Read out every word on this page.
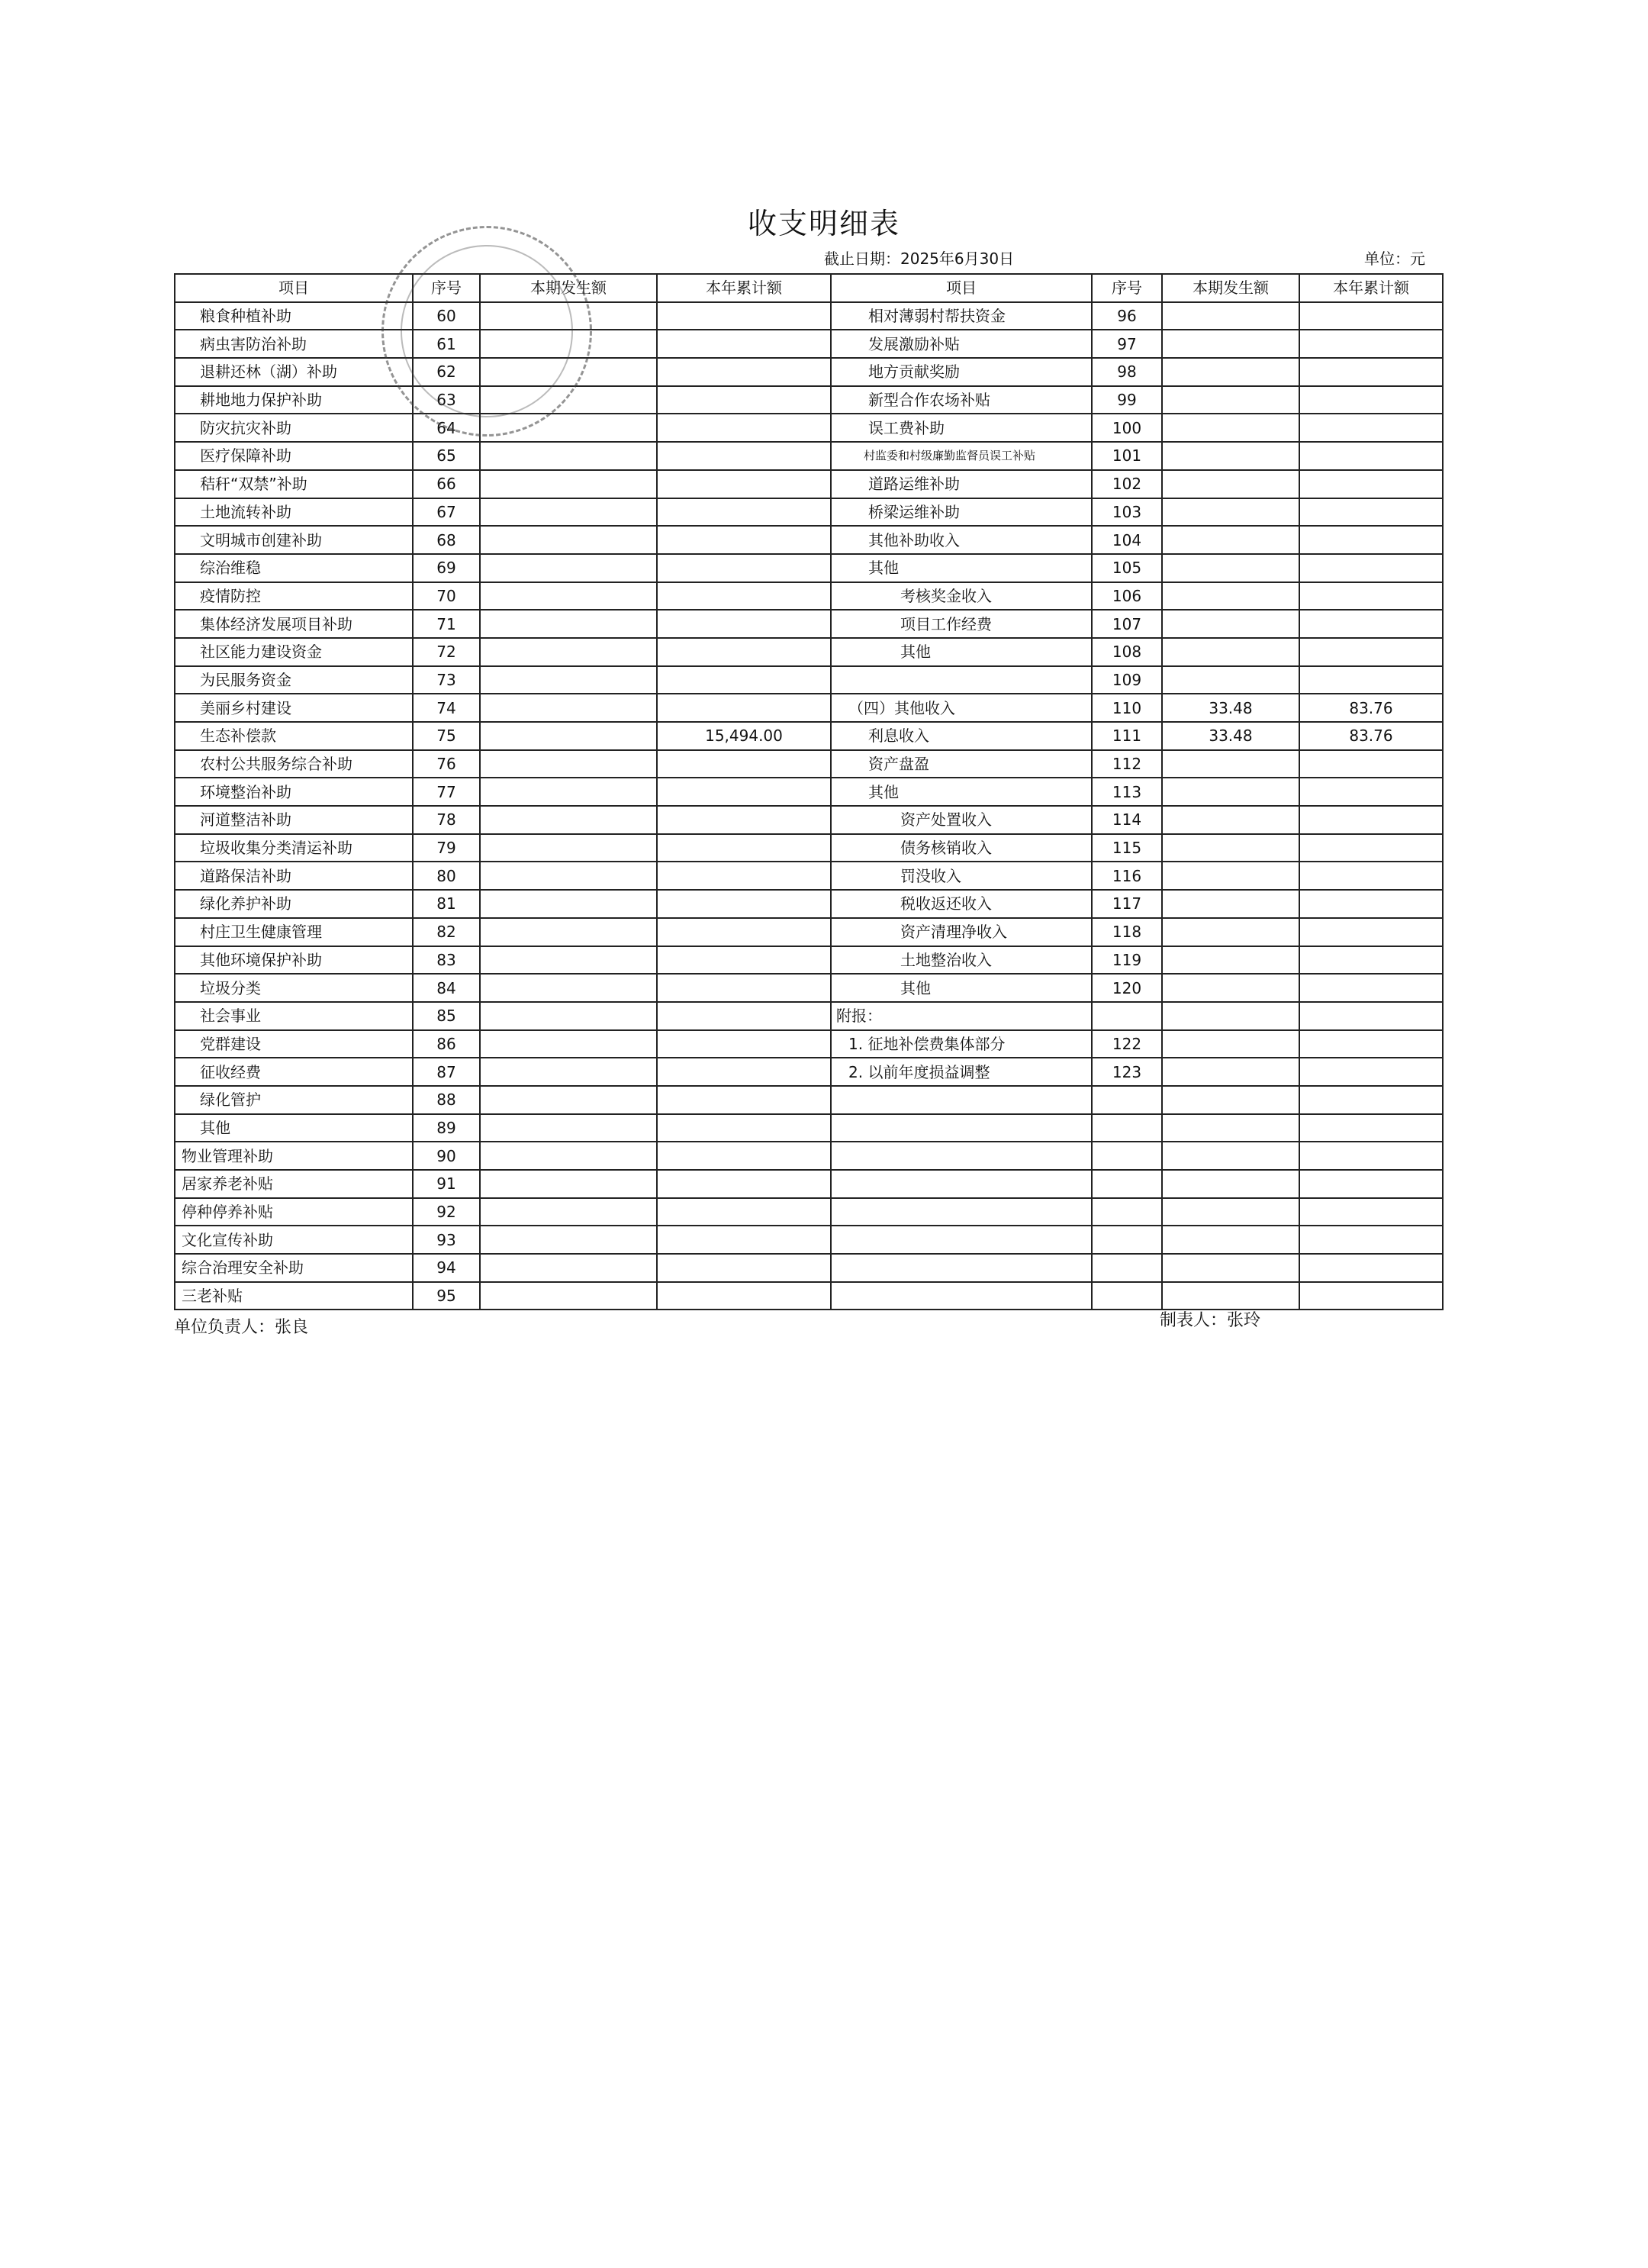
收支明细表
截止日期：2025年6月30日	单位：元
项目	序号	本期发生额	本年累计额	项目	序号	本期发生额	本年累计额
粮食种植补助	60			相对薄弱村帮扶资金	96		
病虫害防治补助	61			发展激励补贴	97		
退耕还林（湖）补助	62			地方贡献奖励	98		
耕地地力保护补助	63			新型合作农场补贴	99		
防灾抗灾补助	64			误工费补助	100		
医疗保障补助	65			村监委和村级廉勤监督员误工补贴	101		
秸秆“双禁”补助	66			道路运维补助	102		
土地流转补助	67			桥梁运维补助	103		
文明城市创建补助	68			其他补助收入	104		
综治维稳	69			其他	105		
疫情防控	70			考核奖金收入	106		
集体经济发展项目补助	71			项目工作经费	107		
社区能力建设资金	72			其他	108		
为民服务资金	73				109		
美丽乡村建设	74			（四）其他收入	110	33.48	83.76
生态补偿款	75		15,494.00	利息收入	111	33.48	83.76
农村公共服务综合补助	76			资产盘盈	112		
环境整治补助	77			其他	113		
河道整洁补助	78			资产处置收入	114		
垃圾收集分类清运补助	79			债务核销收入	115		
道路保洁补助	80			罚没收入	116		
绿化养护补助	81			税收返还收入	117		
村庄卫生健康管理	82			资产清理净收入	118		
其他环境保护补助	83			土地整治收入	119		
垃圾分类	84			其他	120		
社会事业	85			附报：			
党群建设	86			1. 征地补偿费集体部分	122		
征收经费	87			2. 以前年度损益调整	123		
绿化管护	88						
其他	89						
物业管理补助	90						
居家养老补贴	91						
停种停养补贴	92						
文化宣传补助	93						
综合治理安全补助	94						
三老补贴	95						
单位负责人：张良	制表人：张玲
